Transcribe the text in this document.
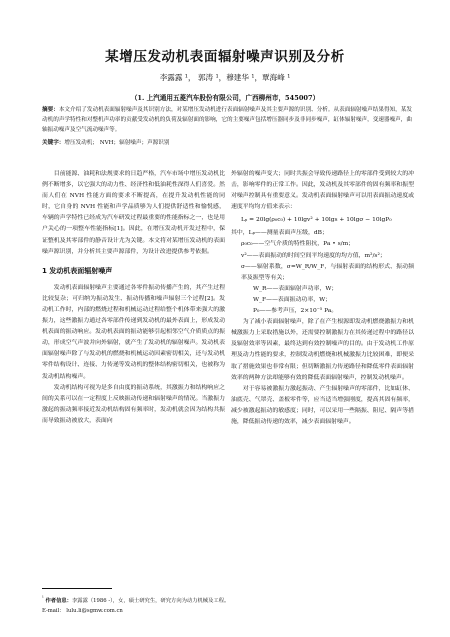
某增压发动机表面辐射噪声识别及分析
李露露 ¹， 郭涛 ¹，穆建华 ¹，覃海峰 ¹
（1. 上汽通用五菱汽车股份有限公司，广西柳州市，545007）
摘要：本文介绍了发动机表面辐射噪声及其识别方法，对某增压发动机进行表面辐射噪声及其主要声源的识别、分析。从表面辐射噪声结果得知，某发动机的声学特性和对整机声功率的贡献受发动机的负荷及辐射面的影响，它的主要噪声包括增压器同步及非同步噪声，缸体辐射噪声，变速器噪声，曲轴振动噪声及空气流动噪声等。
关键字：增压发动机； NVH；辐射噪声；声源识别

目前能源、油耗和法规要求的日趋严格，汽车市场中增压发动机比例不断增多，以它强大的动力性、经济性和低油耗性深得人们喜爱。然而人们在 NVH 性能方面的要求不断提高，在提升发动机性能的同时，它自身的 NVH 性能和声学品质够为人们提供舒适性和愉悦感，车辆的声学特性已经成为汽车研发过程最重要的性能指标之一，也是用户关心的一项整车性能指标[1]。因此，在增压发动机开发过程中，保证整机及其零部件的静音设计尤为关键。本文将对某增压发动机的表面噪声源识别，并分析其主要声源部件，为设计改进提供参考依据。

1 发动机表面辐射噪声

发动机表面辐射噪声主要通过各零件振动传播产生的，其产生过程比较复杂；可归纳为振动发生、振动传播和噪声辐射三个过程[2]。发动机工作时，内部的燃烧过程和机械运动过程给整个机体带来强大的激振力，这些激振力通过各零部件传递到发动机的最外表面上，形成发动机表面的振动响应。发动机表面的振动能够引起相邻空气介质质点的振动，形成空气声波并向外辐射，就产生了发动机的辐射噪声。发动机表面辐射噪声除了与发动机的燃烧和机械运动因素密切相关，还与发动机零件结构设计、连接、力传递等发动机的整体结构密切相关，也被称为发动机结构噪声。

发动机结构可视为是多自由度的振动系统，其激振力和结构响应之间的关系可以在一定程度上反映振动传递和辐射噪声的情况。当激振力激起的振动频率接近发动机结构固有频率时，发动机就会因为结构共振而导致振动被放大，表面向

外辐射的噪声变大；同时共振会导致传递路径上的零部件受到较大的冲击，影响零件的正常工作。因此，发动机及其零部件的固有频率和振型对噪声控制具有重要意义。发动机表面辐射噪声可以用表面振动速度或速度平均均方值来表示：

Lₚ = 20lg(ρ₀c₀) + 10lgv² + 10lgs + 10lgσ − 10lgP₀

其中，Lₚ——测量表面声压级，dB；

ρ₀c₀——空气介质的特性阻抗，Pa • s/m；

v²——表面振动的时间空间平均速度的均方值，m²/s²；

σ——辐射系数，σ=W_R/W_F，与辐射表面的结构形式、振动频率及振型等有关；

W_R——表面辐射声功率，W；

W_F——表面振动功率，W；

P₀——参考声压，2×10⁻⁵ Pa。

为了减小表面辐射噪声，除了在产生根源即发动机燃烧激振力和机械激振力上采取措施以外，还需要控制激振力在其传递过程中的路径以及辐射效率等因素，最终达到有效控制噪声的目的。由于发动机工作原理及动力性能的要求，控制发动机燃烧和机械激振力比较困难，即便采取了措施效果也非常有限；但切断激振力传递路径和降低零件表面辐射效率的两种方法却能够有效的降低表面辐射噪声，控制发动机噪声。

对于容易被激振力激起振动、产生辐射噪声的零部件，比如缸体、油底壳、气罩壳、盖板零件等，应当适当增强刚度，提高其固有频率，减少被激起振动的敏感度；同时，可以采用一些隔振、阻尼、隔声等措施，降低振动传递的效率，减少表面辐射噪声。

$^{^1}$ 作者信息：李露露（1986 -），女，硕士研究生，研究方向为动力机械及工程。
E-mail： lulu.li@sgmw.com.cn
